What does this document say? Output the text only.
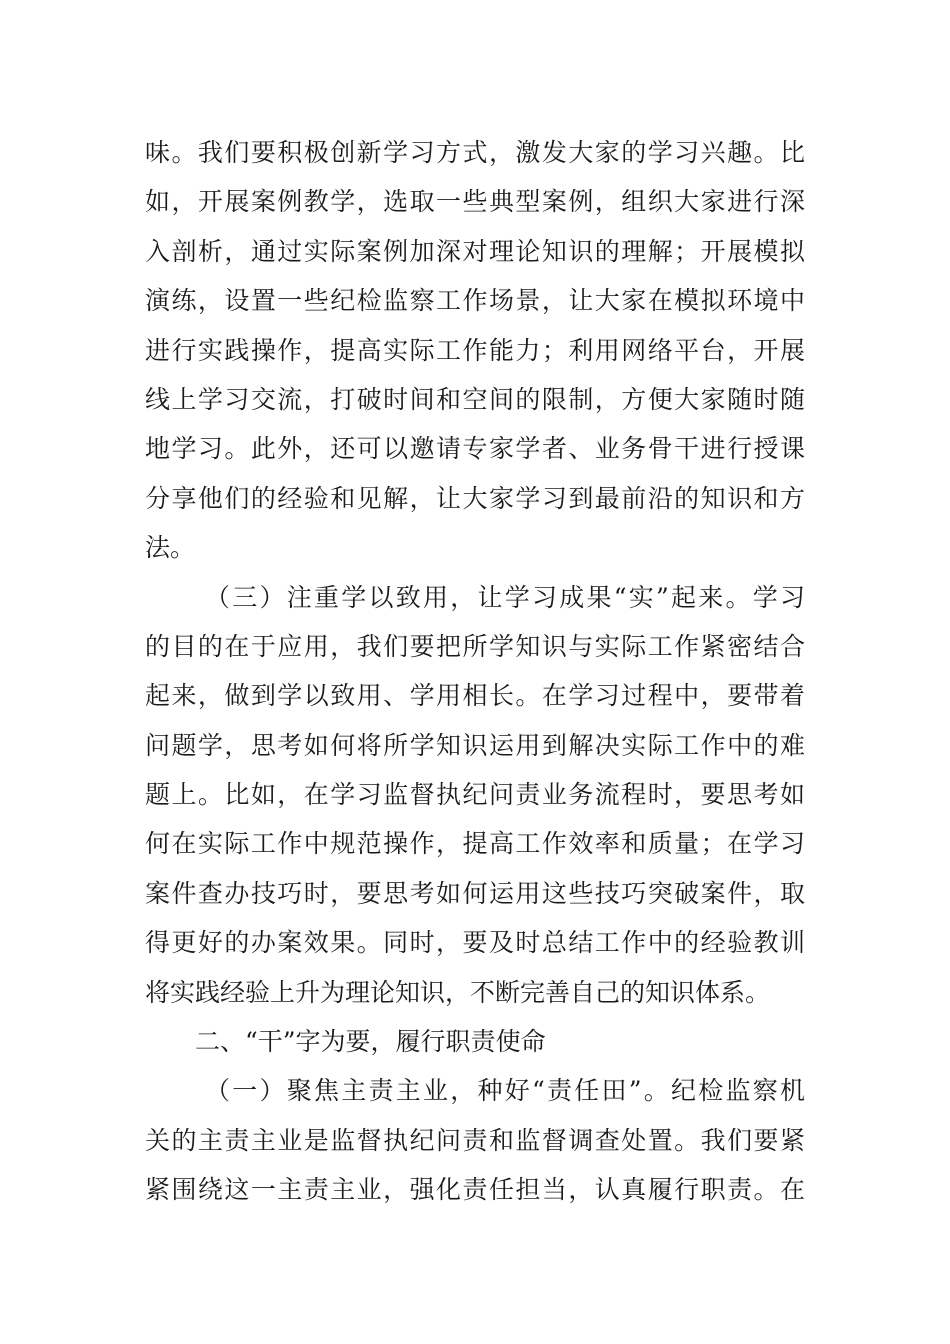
味。我们要积极创新学习方式，激发大家的学习兴趣。比
如，开展案例教学，选取一些典型案例，组织大家进行深
入剖析，通过实际案例加深对理论知识的理解；开展模拟
演练，设置一些纪检监察工作场景，让大家在模拟环境中
进行实践操作，提高实际工作能力；利用网络平台，开展
线上学习交流，打破时间和空间的限制，方便大家随时随
地学习。此外，还可以邀请专家学者、业务骨干进行授课
分享他们的经验和见解，让大家学习到最前沿的知识和方
法。
（三）注重学以致用，让学习成果“实”起来。学习
的目的在于应用，我们要把所学知识与实际工作紧密结合
起来，做到学以致用、学用相长。在学习过程中，要带着
问题学，思考如何将所学知识运用到解决实际工作中的难
题上。比如，在学习监督执纪问责业务流程时，要思考如
何在实际工作中规范操作，提高工作效率和质量；在学习
案件查办技巧时，要思考如何运用这些技巧突破案件，取
得更好的办案效果。同时，要及时总结工作中的经验教训
将实践经验上升为理论知识，不断完善自己的知识体系。
二、“干”字为要，履行职责使命
（一）聚焦主责主业，种好“责任田”。纪检监察机
关的主责主业是监督执纪问责和监督调查处置。我们要紧
紧围绕这一主责主业，强化责任担当，认真履行职责。在
